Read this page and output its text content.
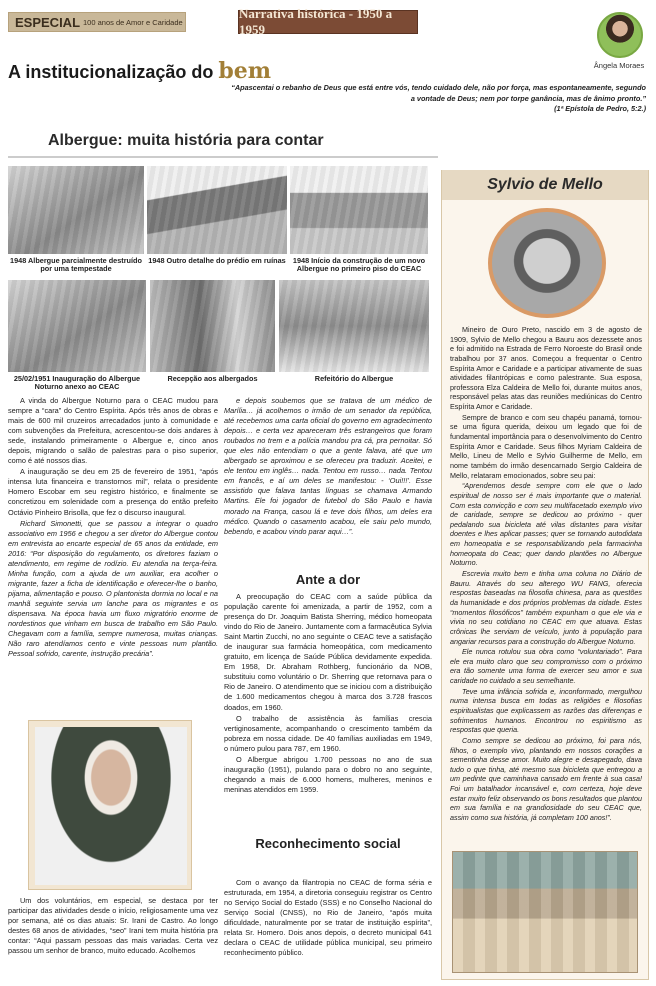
ESPECIAL 100 anos de Amor e Caridade
Narrativa histórica - 1950 a 1959
Ângela Moraes
A institucionalização do bem
“Apascentai o rebanho de Deus que está entre vós, tendo cuidado dele, não por força, mas espontaneamente, segundo a vontade de Deus; nem por torpe ganância, mas de ânimo pronto.”
(1ª Epístola de Pedro, 5:2.)
Albergue: muita história para contar
1948 Albergue parcialmente destruído por uma tempestade
1948 Outro detalhe do prédio em ruínas 1948 Início da construção de um novo Albergue no primeiro piso do CEAC
25/02/1951 Inauguração do Albergue Noturno anexo ao CEAC
Recepção aos albergados	Refeitório do Albergue

A vinda do Albergue Noturno para o CEAC mudou para sempre a “cara” do Centro Espírita. Após três anos de obras e mais de 600 mil cruzeiros arrecadados junto à comunidade e com subvenções da Prefeitura, acrescentou-se dois andares à sede, instalando primeiramente o Albergue e, cinco anos depois, migrando o salão de palestras para o piso superior, como é até nossos dias.

A inauguração se deu em 25 de fevereiro de 1951, “após intensa luta financeira e transtornos mil”, relata o presidente Homero Escobar em seu registro histórico, e finalmente se concretizou em solenidade com a presença do então prefeito Octávio Pinheiro Brisolla, que fez o discurso inaugural.

Richard Simonetti, que se passou a integrar o quadro associativo em 1956 e chegou a ser diretor do Albergue contou em entrevista ao encarte especial de 65 anos da entidade, em 2016: “Por disposição do regulamento, os diretores faziam o atendimento, em regime de rodízio. Eu atendia na terça-feira. Minha função, com a ajuda de um auxiliar, era acolher o migrante, fazer a ficha de identificação e oferecer-lhe o banho, pijama, alimentação e pouso. O plantonista dormia no local e na manhã seguinte servia um lanche para os migrantes e os dispensava. Na época havia um fluxo migratório enorme de nordestinos que vinham em busca de trabalho em São Paulo. Chegavam com a família, sempre numerosa, muitas crianças. Não raro atendíamos cento e vinte pessoas num plantão. Pessoal sofrido, carente, instrução precária”.

Um dos voluntários, em especial, se destaca por ter participar das atividades desde o início, religiosamente uma vez por semana, até os dias atuais: Sr. Irani de Castro. Ao longo destes 68 anos de atividades, “seo” Irani tem muita história pra contar: “Aqui passam pessoas das mais variadas. Certa vez passou um senhor de branco, muito educado. Acolhemos

e depois soubemos que se tratava de um médico de Marília… já acolhemos o irmão de um senador da república, até recebemos uma carta oficial do governo em agradecimento depois… e certa vez apareceram três estrangeiros que foram roubados no trem e a polícia mandou pra cá, pra pernoitar. Só que eles não entendiam o que a gente falava, até que um albergado se aproximou e se ofereceu pra traduzir. Aceitei, e ele tentou em inglês… nada. Tentou em russo… nada. Tentou em francês, e aí um deles se manifestou: - ‘Oui!!!’. Esse assistido que falava tantas línguas se chamava Armando Martins. Ele foi jogador de futebol do São Paulo e havia morado na França, casou lá e teve dois filhos, um deles era médico. Quando o casamento acabou, ele saiu pelo mundo, bebendo, e acabou vindo parar aqui…”.

Ante a dor

A preocupação do CEAC com a saúde pública da população carente foi amenizada, a partir de 1952, com a presença do Dr. Joaquim Batista Sherring, médico homeopata vindo do Rio de Janeiro. Juntamente com a farmacêutica Sylvia Saint Martin Zucchi, no ano seguinte o CEAC teve a satisfação de inaugurar sua farmácia homeopática, com medicamento gratuito, em licença de Saúde Pública devidamente expedida. Em 1958, Dr. Abraham Rothberg, funcionário da NOB, substituiu como voluntário o Dr. Sherring que retornava para o Rio de Janeiro. O atendimento que se iniciou com a distribuição de 1.600 medicamentos chegou à marca dos 3.728 frascos doados, em 1960.

O trabalho de assistência às famílias crescia vertiginosamente, acompanhando o crescimento também da pobreza em nossa cidade. De 40 famílias auxiliadas em 1949, o número pulou para 787, em 1960.

O Albergue abrigou 1.700 pessoas no ano de sua inauguração (1951), pulando para o dobro no ano seguinte, chegando a mais de 6.000 homens, mulheres, meninos e meninas atendidos em 1959.

Reconhecimento social

Com o avanço da filantropia no CEAC de forma séria e estruturada, em 1954, a diretoria conseguiu registrar os Centro no Serviço Social do Estado (SSS) e no Conselho Nacional do Serviço Social (CNSS), no Rio de Janeiro, “após muita dificuldade, naturalmente por se tratar de instituição espírita”, relata Sr. Homero. Dois anos depois, o decreto municipal 641 declara o CEAC de utilidade pública municipal, seu primeiro reconhecimento público.

Sylvio de Mello

Mineiro de Ouro Preto, nascido em 3 de agosto de 1909, Sylvio de Mello chegou a Bauru aos dezessete anos e foi admitido na Estrada de Ferro Noroeste do Brasil onde trabalhou por 37 anos. Começou a frequentar o Centro Espírita Amor e Caridade e a participar ativamente de suas atividades filantrópicas e como palestrante. Sua esposa, professora Elza Caldeira de Mello foi, durante muitos anos, responsável pelas atas das reuniões mediúnicas do Centro Espírita Amor e Caridade.

Sempre de branco e com seu chapéu panamá, tornou-se uma figura querida, deixou um legado que foi de fundamental importância para o desenvolvimento do Centro Espírita Amor e Caridade. Seus filhos Myriam Caldeira de Mello, Lineu de Mello e Sylvio Guilherme de Mello, em nome também do irmão desencarnado Sergio Caldeira de Mello, relataram emocionados, sobre seu pai:

“Aprendemos desde sempre com ele que o lado espiritual de nosso ser é mais importante que o material. Com esta convicção e com seu multifacetado exemplo vivo de caridade, sempre se dedicou ao próximo - quer pedalando sua bicicleta até vilas distantes para visitar doentes e lhes aplicar passes; quer se tornando autodidata em homeopatia e se responsabilizando pela farmacinha homeopata do Ceac; quer dando plantões no Albergue Noturno.

Escrevia muito bem e tinha uma coluna no Diário de Bauru. Através do seu alterego WU FANG, oferecia respostas baseadas na filosofia chinesa, para as questões da humanidade e dos próprios problemas da cidade. Estes “momentos filosóficos” também expunham o que ele via e vivia no seu cotidiano no CEAC em que atuava. Estas crônicas lhe serviam de veículo, junto à população para angariar recursos para a construção do Albergue Noturno.

Ele nunca rotulou sua obra como “voluntariado”. Para ele era muito claro que seu compromisso com o próximo era tão somente uma forma de exercer seu amor e sua caridade no cuidado a seu semelhante.

Teve uma infância sofrida e, inconformado, mergulhou numa intensa busca em todas as religiões e filosofias espiritualistas que explicassem as razões das diferenças e sofrimentos humanos. Encontrou no espiritismo as respostas que queria.

Como sempre se dedicou ao próximo, foi para nós, filhos, o exemplo vivo, plantando em nossos corações a sementinha desse amor. Muito alegre e desapegado, dava tudo o que tinha, até mesmo sua bicicleta que entregou a um pedinte que caminhava cansado em frente à sua casa! Foi um batalhador incansável e, com certeza, hoje deve estar muito feliz observando os bons resultados que plantou em sua família e na grandiosidade do seu CEAC que, assim como sua história, já completam 100 anos!”.
